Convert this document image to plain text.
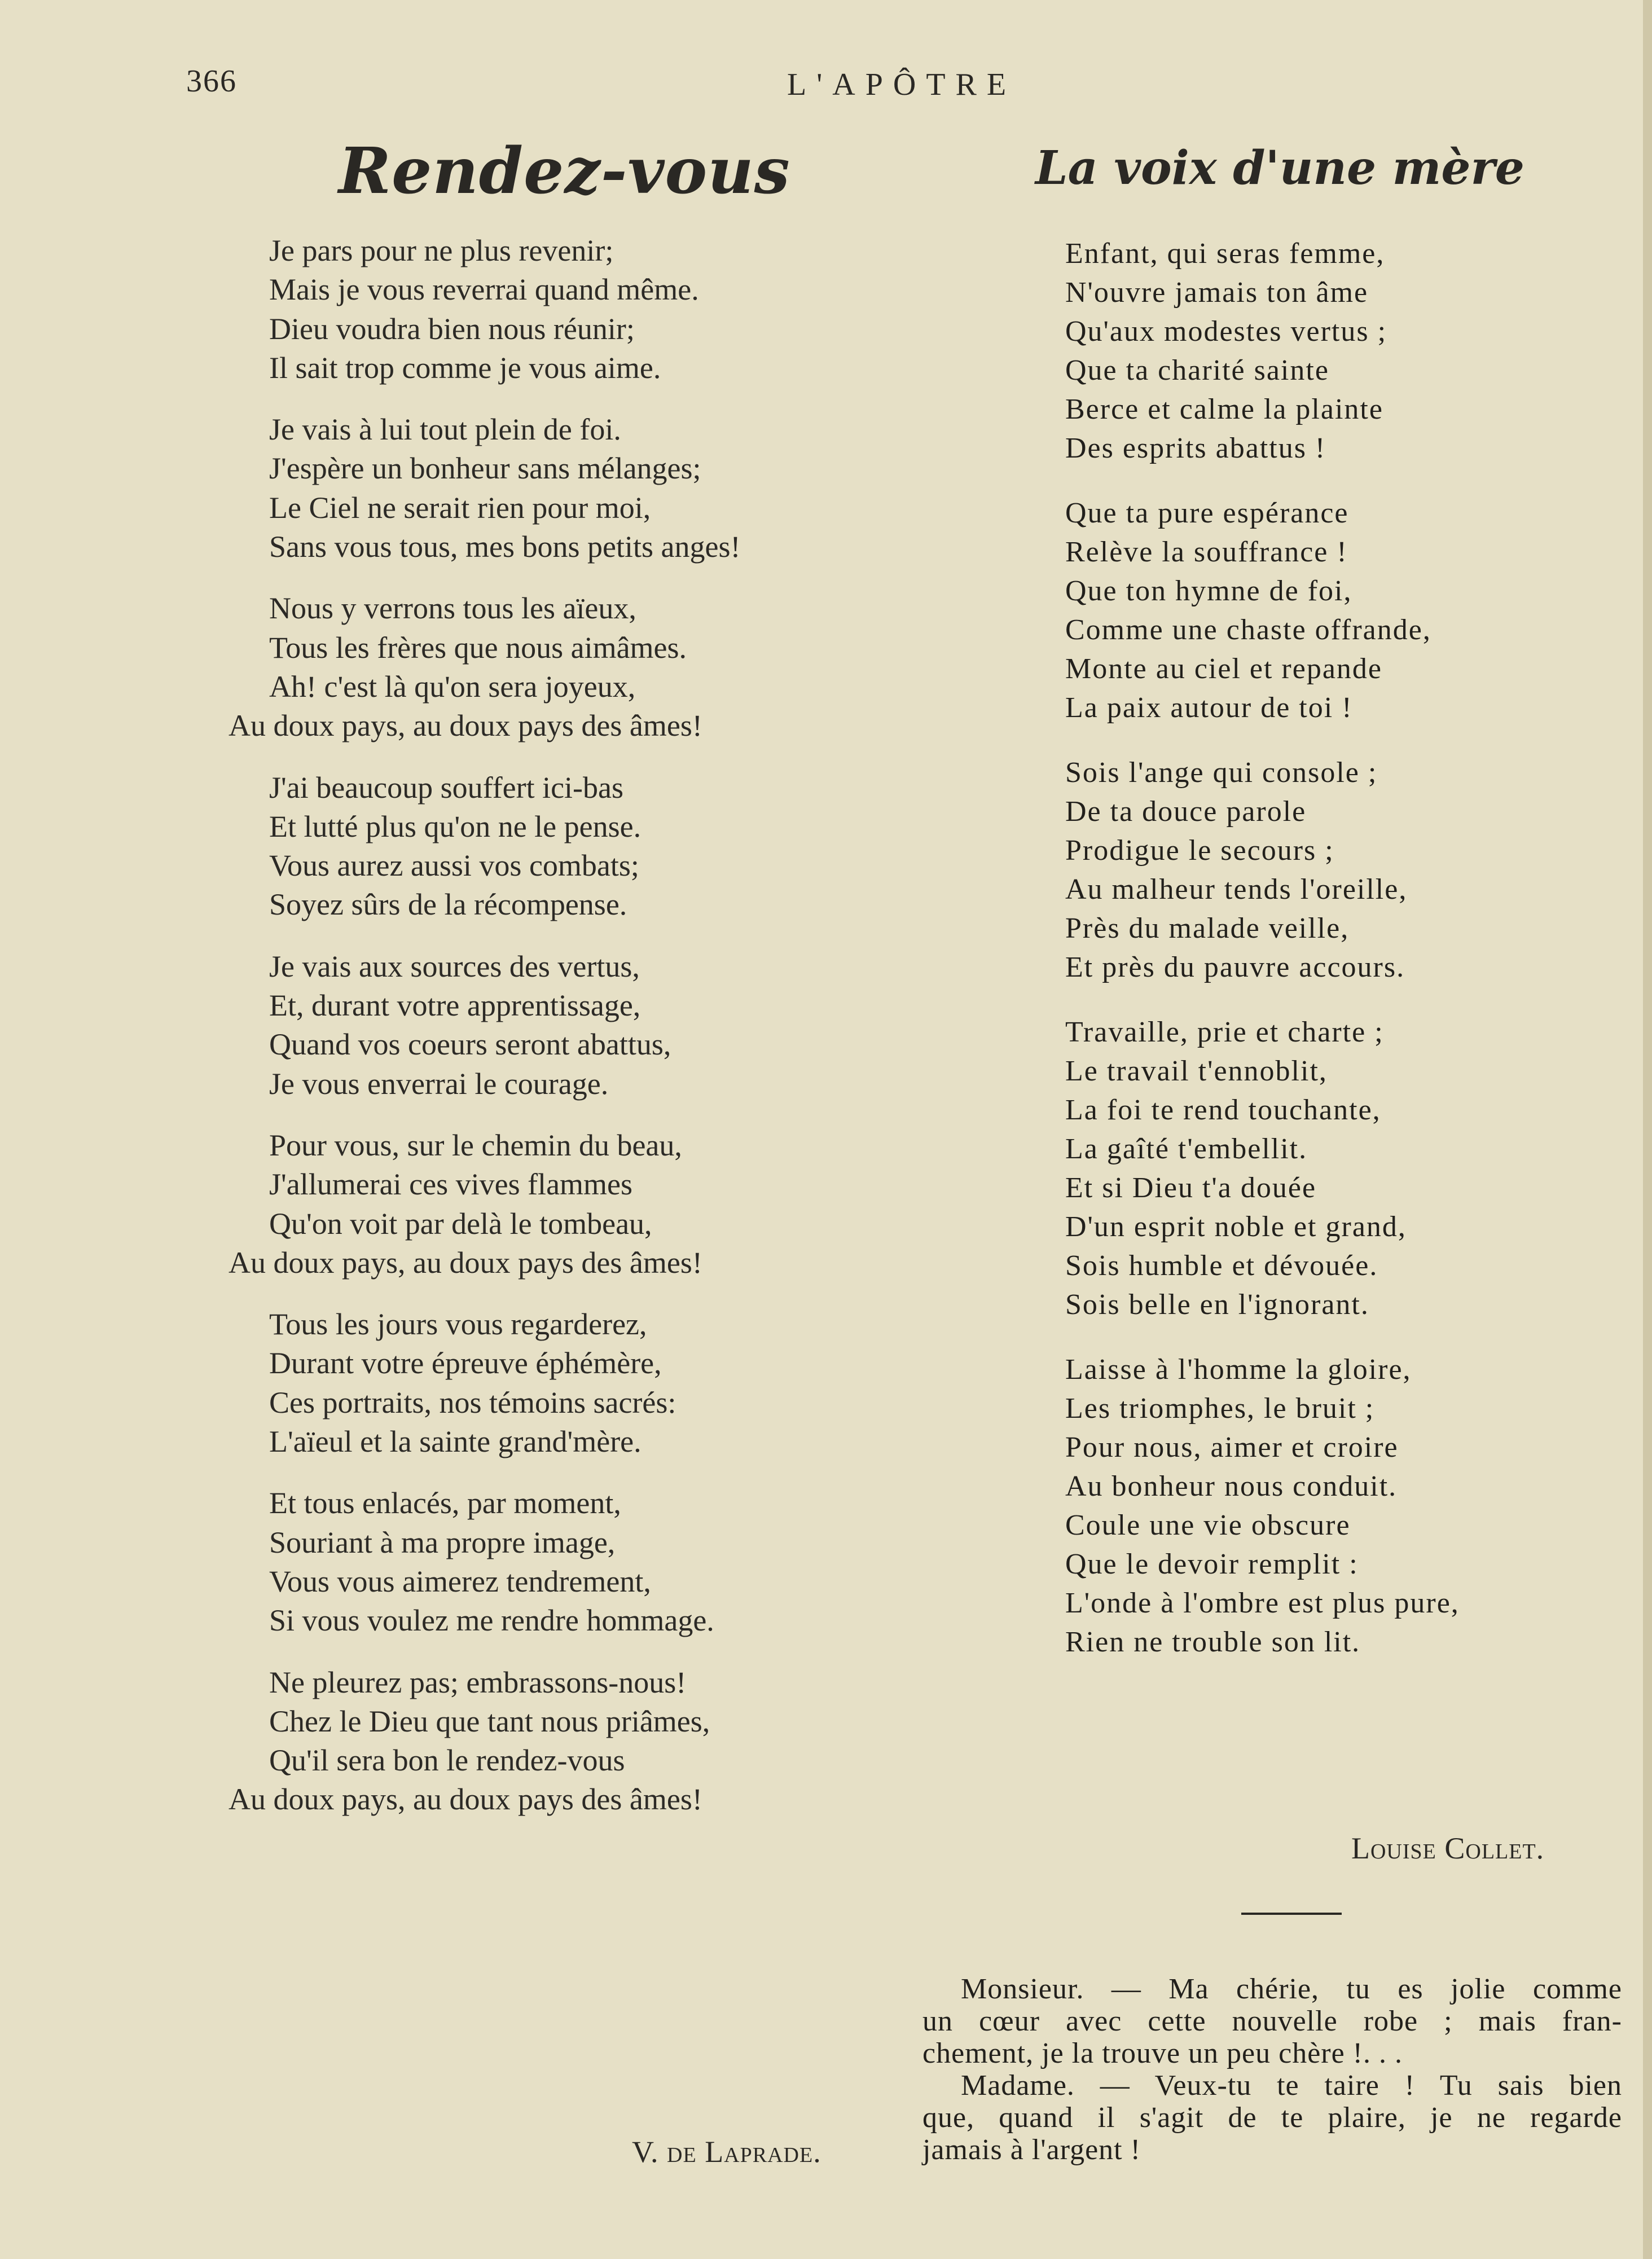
366	L'APÔTRE
Rendez-vous	La voix d'une mère
Je pars pour ne plus revenir;
Mais je vous reverrai quand même.
Dieu voudra bien nous réunir;
Il sait trop comme je vous aime.
Je vais à lui tout plein de foi.
J'espère un bonheur sans mélanges;
Le Ciel ne serait rien pour moi,
Sans vous tous, mes bons petits anges!
Nous y verrons tous les aïeux,
Tous les frères que nous aimâmes.
Ah! c'est là qu'on sera joyeux,
Au doux pays, au doux pays des âmes!
J'ai beaucoup souffert ici-bas
Et lutté plus qu'on ne le pense.
Vous aurez aussi vos combats;
Soyez sûrs de la récompense.
Je vais aux sources des vertus,
Et, durant votre apprentissage,
Quand vos coeurs seront abattus,
Je vous enverrai le courage.
Pour vous, sur le chemin du beau,
J'allumerai ces vives flammes
Qu'on voit par delà le tombeau,
Au doux pays, au doux pays des âmes!
Tous les jours vous regarderez,
Durant votre épreuve éphémère,
Ces portraits, nos témoins sacrés:
L'aïeul et la sainte grand'mère.
Et tous enlacés, par moment,
Souriant à ma propre image,
Vous vous aimerez tendrement,
Si vous voulez me rendre hommage.
Ne pleurez pas; embrassons-nous!
Chez le Dieu que tant nous priâmes,
Qu'il sera bon le rendez-vous
Au doux pays, au doux pays des âmes!
Enfant, qui seras femme,
N'ouvre jamais ton âme
Qu'aux modestes vertus ;
Que ta charité sainte
Berce et calme la plainte
Des esprits abattus !
Que ta pure espérance
Relève la souffrance !
Que ton hymne de foi,
Comme une chaste offrande,
Monte au ciel et repande
La paix autour de toi !
Sois l'ange qui console ;
De ta douce parole
Prodigue le secours ;
Au malheur tends l'oreille,
Près du malade veille,
Et près du pauvre accours.
Travaille, prie et charte ;
Le travail t'ennoblit,
La foi te rend touchante,
La gaîté t'embellit.
Et si Dieu t'a douée
D'un esprit noble et grand,
Sois humble et dévouée.
Sois belle en l'ignorant.
Laisse à l'homme la gloire,
Les triomphes, le bruit ;
Pour nous, aimer et croire
Au bonheur nous conduit.
Coule une vie obscure
Que le devoir remplit :
L'onde à l'ombre est plus pure,
Rien ne trouble son lit.
V. de Laprade.
Louise Collet.
Monsieur. — Ma chérie, tu es jolie comme
un cœur avec cette nouvelle robe ; mais fran-
chement, je la trouve un peu chère !. . .
Madame. — Veux-tu te taire ! Tu sais bien
que, quand il s'agit de te plaire, je ne regarde
jamais à l'argent !
